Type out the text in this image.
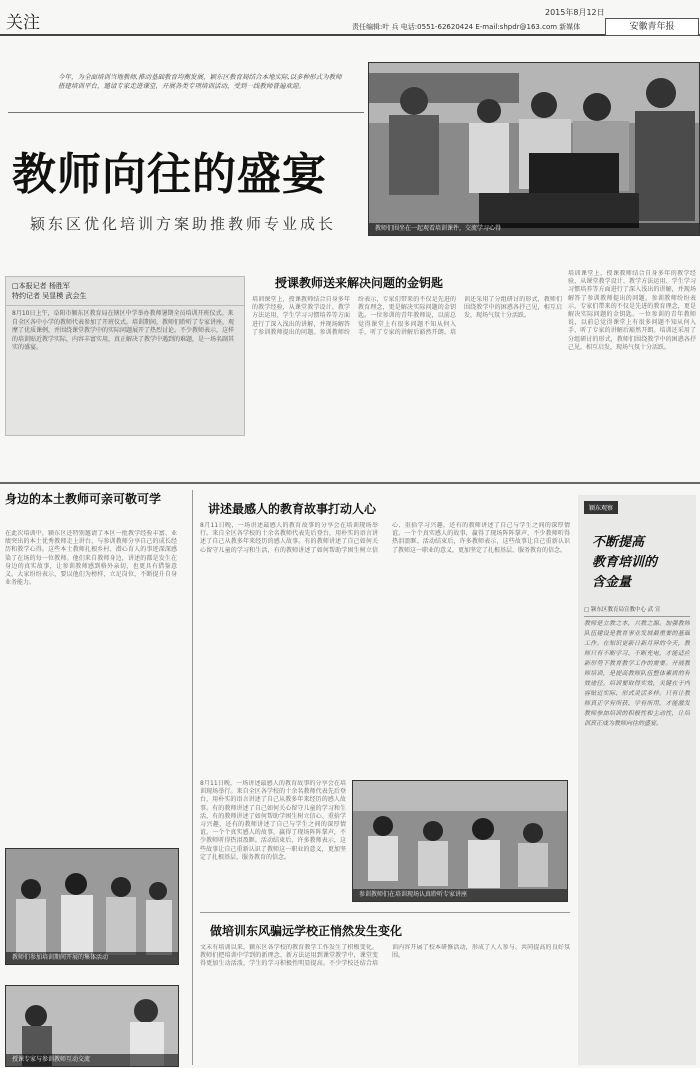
关注	责任编辑:叶 兵 电话:0551-62620424 E-mail:shpdr@163.com 新媒体
2015年8月12日
安徽青年报
今年，为全面培训当地教师,推动基础教育均衡发展，颖东区教育局结合本地实际,以多种形式为教师搭建培训平台，邀请专家走进课堂，开展各类专项培训活动，受到一线教师普遍欢迎。
教师向往的盛宴
颍东区优化培训方案助推教师专业成长	教师们围坐在一起观看培训课件，交流学习心得
□本报记者 杨胜军
特约记者 吴显模 武会生
8月10日上午，阜阳市颍东区教育局在辖区中学举办教师暑期全员培训开班仪式。来自全区各中小学的教师代表参加了开班仪式。培训期间，教师们聆听了专家讲座，观摩了优质课例，并围绕课堂教学中的实际问题展开了热烈讨论。不少教师表示，这样的培训贴近教学实际，内容丰富实用，真正解决了教学中遇到的难题，是一场名副其实的盛宴。
授课教师送来解决问题的金钥匙
培训课堂上，授课教师结合自身多年的教学经验，从课堂教学设计、教学方法运用、学生学习习惯培养等方面进行了深入浅出的讲解，并现场解答了参训教师提出的问题。参训教师纷纷表示，专家们带来的不仅是先进的教育理念，更是解决实际问题的金钥匙。一位参训的青年教师说，以前总觉得课堂上有很多问题不知从何入手，听了专家的讲解后豁然开朗。培训还采用了分组研讨的形式，教师们围绕教学中的困惑各抒己见，相互启发，现场气氛十分活跃。
培训课堂上，授课教师结合自身多年的教学经验，从课堂教学设计、教学方法运用、学生学习习惯培养等方面进行了深入浅出的讲解，并现场解答了参训教师提出的问题。参训教师纷纷表示，专家们带来的不仅是先进的教育理念，更是解决实际问题的金钥匙。一位参训的青年教师说，以前总觉得课堂上有很多问题不知从何入手，听了专家的讲解后豁然开朗。培训还采用了分组研讨的形式，教师们围绕教学中的困惑各抒己见，相互启发，现场气氛十分活跃。
身边的本土教师可亲可敬可学
在此次培训中，颍东区还特别邀请了本区一批教学经验丰富、业绩突出的本土优秀教师走上讲台，与参训教师分享自己的成长经历和教学心得。这些本土教师扎根乡村、潜心育人的事迹深深感染了在场的每一位教师。他们来自教师身边，讲述的都是发生在身边的真实故事，让参训教师感到格外亲切，也更具有借鉴意义。大家纷纷表示，要以他们为榜样，立足岗位，不断提升自身业务能力。
教师们参加培训期间开展的集体活动
授课专家与参训教师互动交流
讲述最感人的教育故事打动人心
8月11日晚，一场讲述最感人的教育故事的分享会在培训现场举行。来自全区各学校的十余名教师代表先后登台，用朴实的语言讲述了自己从教多年来经历的感人故事。有的教师讲述了自己如何关心留守儿童的学习和生活，有的教师讲述了如何帮助学困生树立信心、重拾学习兴趣，还有的教师讲述了自己与学生之间的深厚情谊。一个个真实感人的故事，赢得了现场阵阵掌声，不少教师听得热泪盈眶。活动结束后，许多教师表示，这些故事让自己重新认识了教师这一职业的意义，更加坚定了扎根基层、服务教育的信念。
参训教师们在培训现场认真聆听专家讲座
8月11日晚，一场讲述最感人的教育故事的分享会在培训现场举行。来自全区各学校的十余名教师代表先后登台，用朴实的语言讲述了自己从教多年来经历的感人故事。有的教师讲述了自己如何关心留守儿童的学习和生活，有的教师讲述了如何帮助学困生树立信心、重拾学习兴趣，还有的教师讲述了自己与学生之间的深厚情谊。一个个真实感人的故事，赢得了现场阵阵掌声，不少教师听得热泪盈眶。活动结束后，许多教师表示，这些故事让自己重新认识了教师这一职业的意义，更加坚定了扎根基层、服务教育的信念。
做培训东风骗远学校正悄然发生变化
文未有培训以来，颍东区各学校的教育教学工作发生了积极变化。教师们把培训中学到的新理念、新方法运用到课堂教学中，课堂变得更加生动活泼，学生的学习积极性明显提高。不少学校还结合培训内容开展了校本研修活动，形成了人人参与、共同提高的良好氛围。
颍东观察
不断提高
教育培训的
含金量
□ 颍东区教育局宣教中心 武 宣
教师是立教之本，兴教之源。加强教师队伍建设是教育事业发展最重要的基础工作。在知识更新日新月异的今天，教师只有不断学习、不断充电，才能适应新形势下教育教学工作的需要。开展教师培训，是提高教师队伍整体素质的有效途径。培训要取得实效，关键在于内容贴近实际、形式灵活多样。只有让教师真正学有所获、学有所用，才能激发教师参加培训的积极性和主动性，让培训真正成为教师向往的盛宴。
